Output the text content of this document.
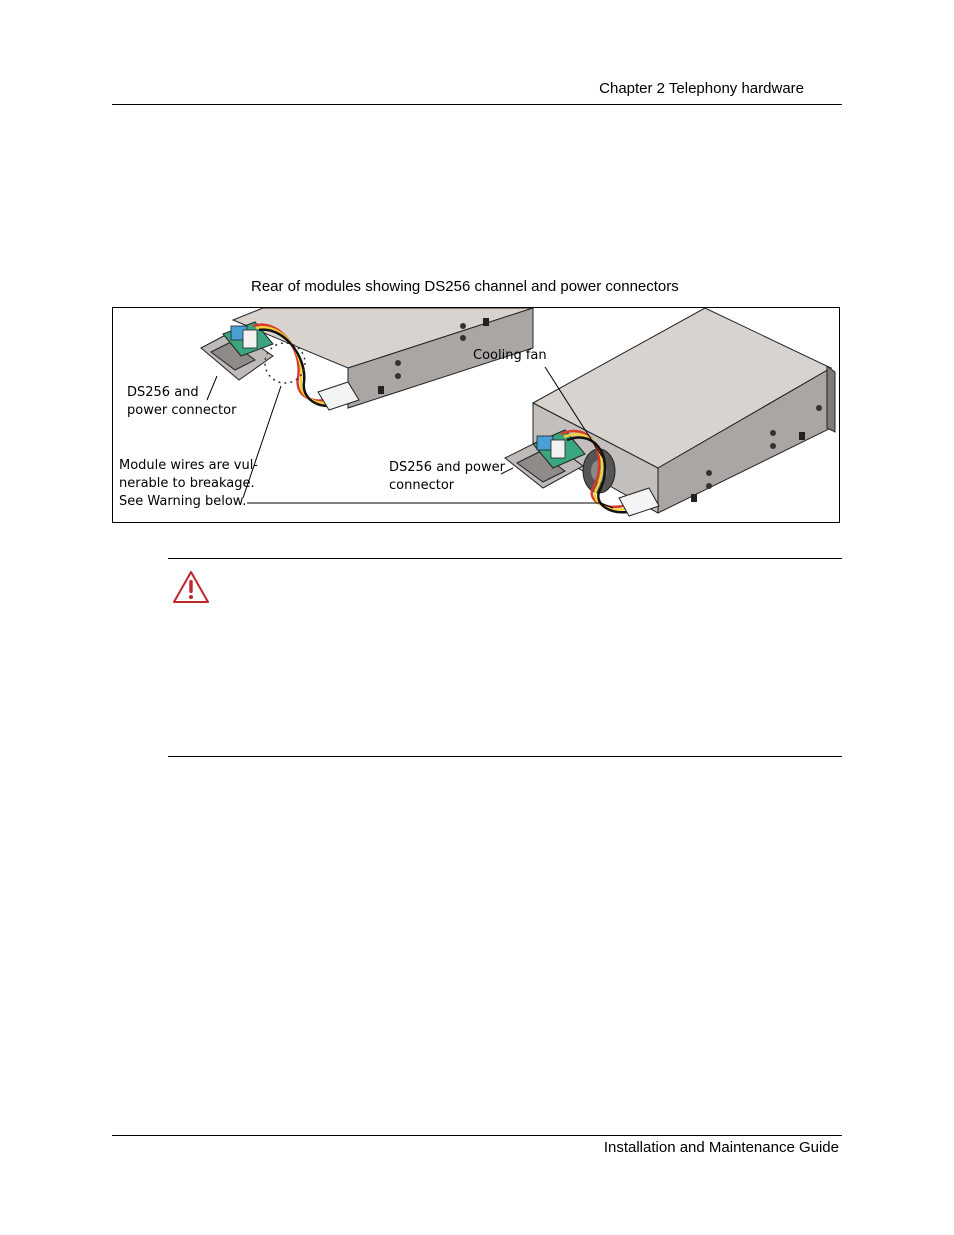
Chapter 2 Telephony hardware
Rear of modules showing DS256 channel and power connectors
DS256 and
power connector
Module wires are vul-
nerable to breakage.
See Warning below.
Cooling fan
DS256 and power
connector
Installation and Maintenance Guide
